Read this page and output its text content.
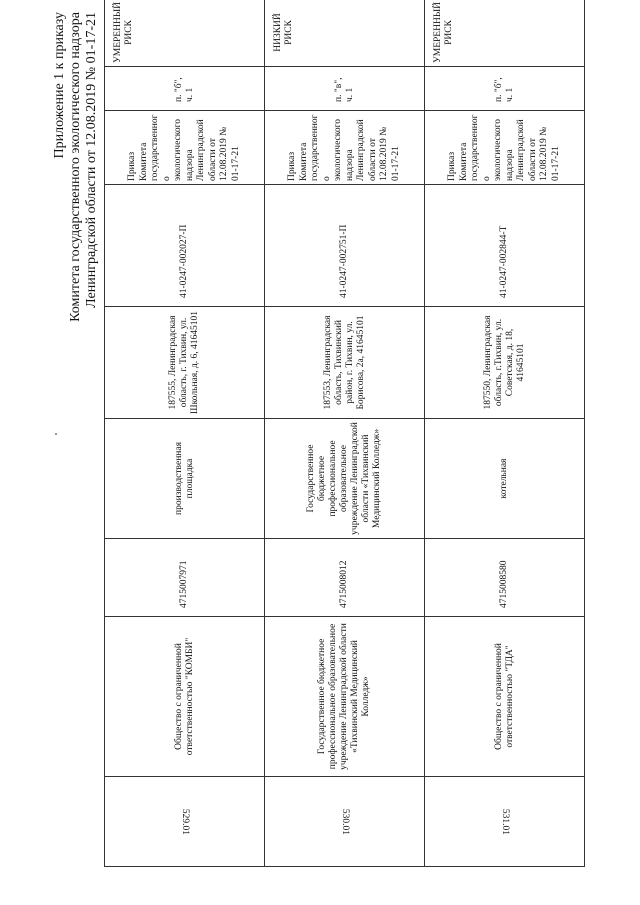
Приложение 1 к приказу Комитета государственного экологического надзора Ленинградской области от 12.08.2019 № 01-17-21
529.01	Общество с ограниченной ответственностью "КОМБИ"	4715007971	производственная площадка	187555, Ленинградская область, г. Тихвин, ул. Школьная, д. 6, 41645101	41-0247-002027-П	Приказ Комитета государственного экологического надзора Ленинградской области от 12.08.2019 № 01-17-21	п. "б", ч. 1	УМЕРЕННЫЙ РИСК
530.01	Государственное бюджетное профессиональное образовательное учреждение Ленинградской области «Тихвинский Медицинский Колледж»	4715008012	Государственное бюджетное профессиональное образовательное учреждение Ленинградской области «Тихвинский Медицинский Колледж»	187553, Ленинградская область, Тихвинский район, г. Тихвин, ул. Борисова, 2а, 41645101	41-0247-002751-П	Приказ Комитета государственного экологического надзора Ленинградской области от 12.08.2019 № 01-17-21	п. "в", ч. 1	НИЗКИЙ РИСК
531.01	Общество с ограниченной ответственностью "ТДА"	4715008580	котельная	187550, Ленинградская область, г.Тихвин, ул. Советская, д. 18, 41645101	41-0247-002844-Т	Приказ Комитета государственного экологического надзора Ленинградской области от 12.08.2019 № 01-17-21	п. "б", ч. 1	УМЕРЕННЫЙ РИСК
